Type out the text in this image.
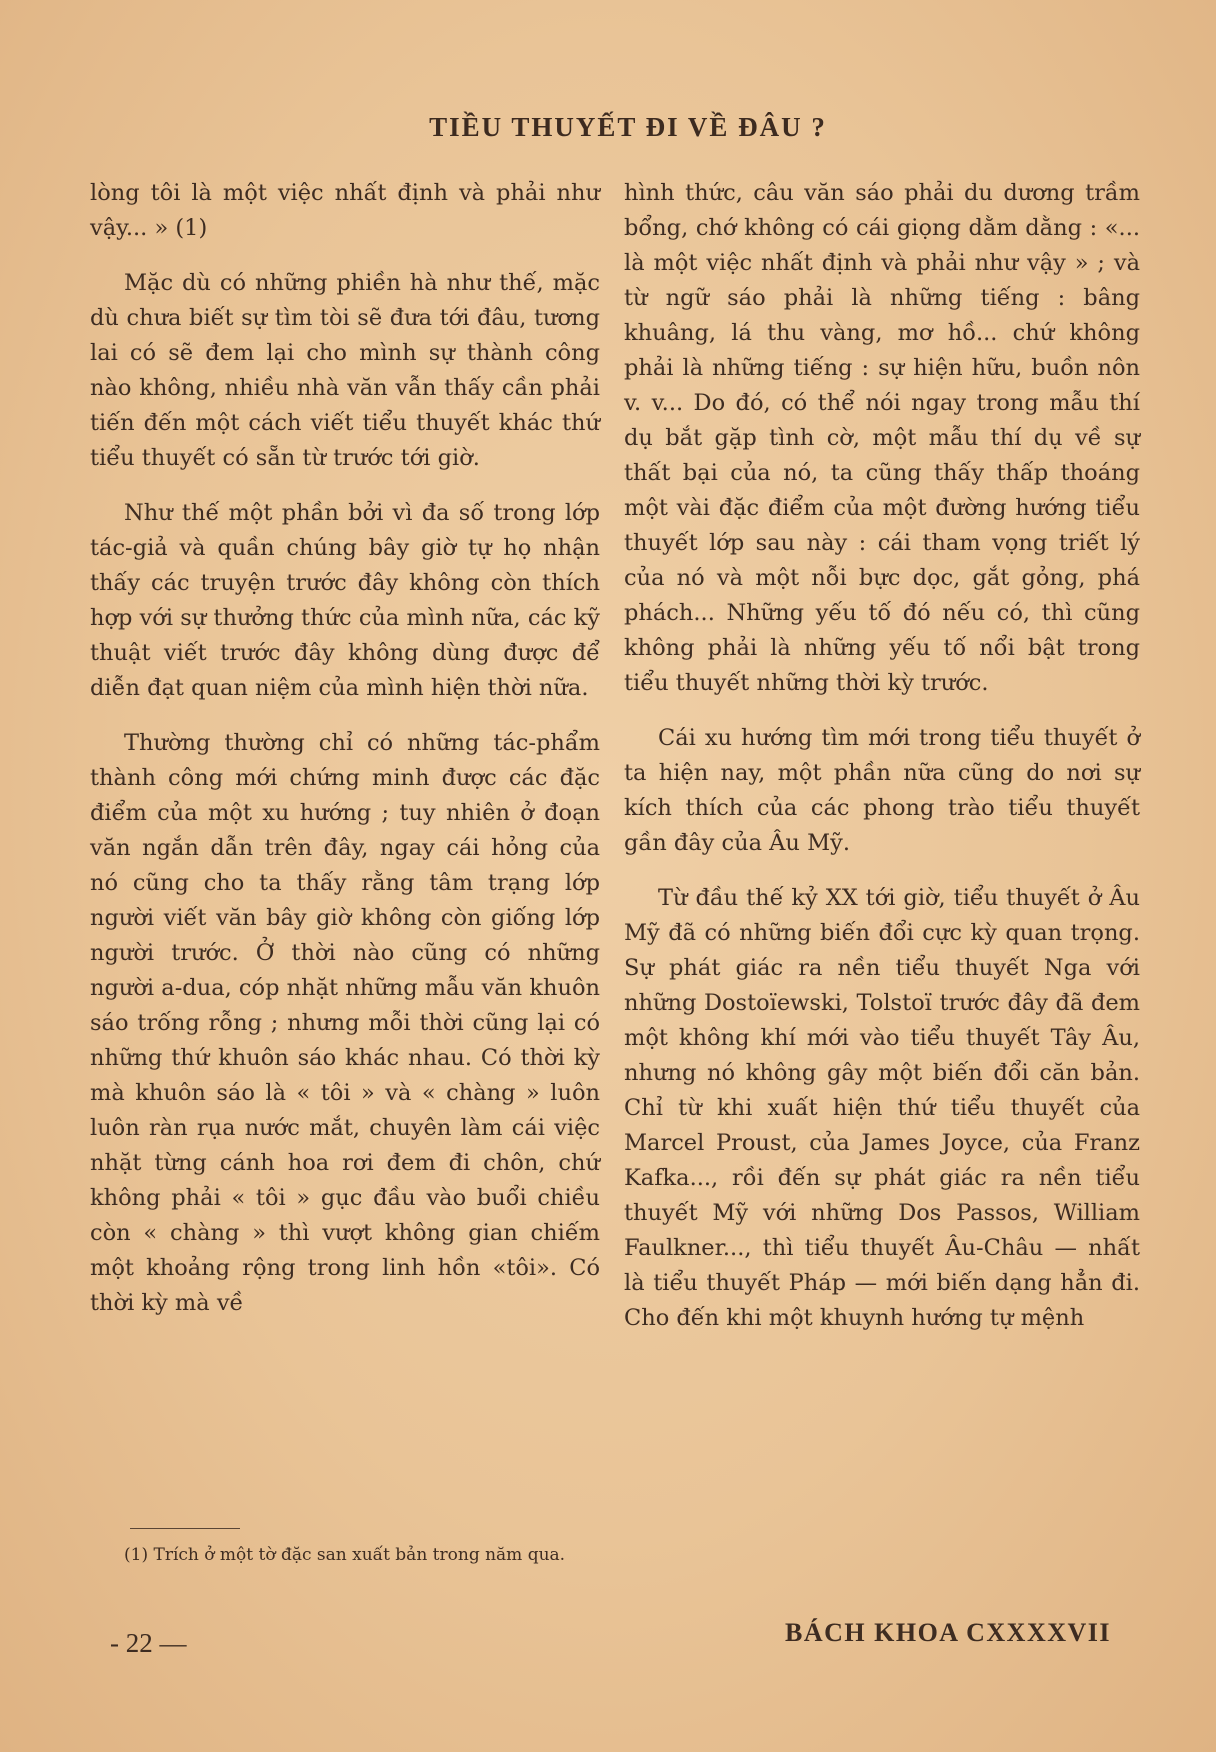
TIỀU THUYẾT ĐI VỀ ĐÂU ?

lòng tôi là một việc nhất định và phải như vậy... » (1)

Mặc dù có những phiền hà như thế, mặc dù chưa biết sự tìm tòi sẽ đưa tới đâu, tương lai có sẽ đem lại cho mình sự thành công nào không, nhiều nhà văn vẫn thấy cần phải tiến đến một cách viết tiểu thuyết khác thứ tiểu thuyết có sẵn từ trước tới giờ.

Như thế một phần bởi vì đa số trong lớp tác-giả và quần chúng bây giờ tự họ nhận thấy các truyện trước đây không còn thích hợp với sự thưởng thức của mình nữa, các kỹ thuật viết trước đây không dùng được để diễn đạt quan niệm của mình hiện thời nữa.

Thường thường chỉ có những tác-phẩm thành công mới chứng minh được các đặc điểm của một xu hướng ; tuy nhiên ở đoạn văn ngắn dẫn trên đây, ngay cái hỏng của nó cũng cho ta thấy rằng tâm trạng lớp người viết văn bây giờ không còn giống lớp người trước. Ở thời nào cũng có những người a-dua, cóp nhặt những mẫu văn khuôn sáo trống rỗng ; nhưng mỗi thời cũng lại có những thứ khuôn sáo khác nhau. Có thời kỳ mà khuôn sáo là « tôi » và « chàng » luôn luôn ràn rụa nước mắt, chuyên làm cái việc nhặt từng cánh hoa rơi đem đi chôn, chứ không phải « tôi » gục đầu vào buổi chiều còn « chàng » thì vượt không gian chiếm một khoảng rộng trong linh hồn «tôi». Có thời kỳ mà về

hình thức, câu văn sáo phải du dương trầm bổng, chớ không có cái giọng dằm dằng : «... là một việc nhất định và phải như vậy » ; và từ ngữ sáo phải là những tiếng : bâng khuâng, lá thu vàng, mơ hồ... chứ không phải là những tiếng : sự hiện hữu, buồn nôn v. v... Do đó, có thể nói ngay trong mẫu thí dụ bắt gặp tình cờ, một mẫu thí dụ về sự thất bại của nó, ta cũng thấy thấp thoáng một vài đặc điểm của một đường hướng tiểu thuyết lớp sau này : cái tham vọng triết lý của nó và một nỗi bực dọc, gắt gỏng, phá phách... Những yếu tố đó nếu có, thì cũng không phải là những yếu tố nổi bật trong tiểu thuyết những thời kỳ trước.

Cái xu hướng tìm mới trong tiểu thuyết ở ta hiện nay, một phần nữa cũng do nơi sự kích thích của các phong trào tiểu thuyết gần đây của Âu Mỹ.

Từ đầu thế kỷ XX tới giờ, tiểu thuyết ở Âu Mỹ đã có những biến đổi cực kỳ quan trọng. Sự phát giác ra nền tiểu thuyết Nga với những Dostoïewski, Tolstoï trước đây đã đem một không khí mới vào tiểu thuyết Tây Âu, nhưng nó không gây một biến đổi căn bản. Chỉ từ khi xuất hiện thứ tiểu thuyết của Marcel Proust, của James Joyce, của Franz Kafka..., rồi đến sự phát giác ra nền tiểu thuyết Mỹ với những Dos Passos, William Faulkner..., thì tiểu thuyết Âu-Châu — nhất là tiểu thuyết Pháp — mới biến dạng hẳn đi. Cho đến khi một khuynh hướng tự mệnh

(1) Trích ở một tờ đặc san xuất bản trong năm qua.
- 22 —	BÁCH KHOA CXXXXVII
